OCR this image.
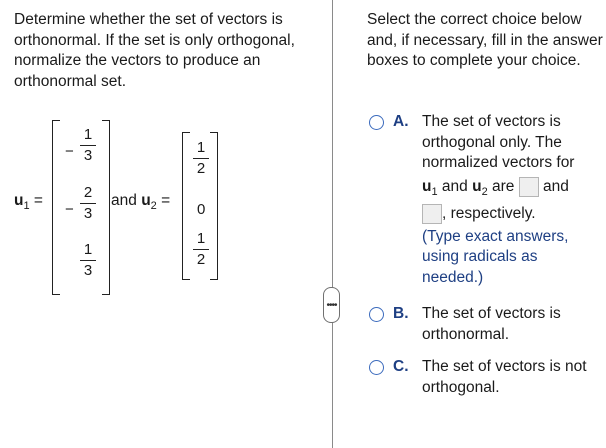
Determine whether the set of vectors is orthonormal. If the set is only orthogonal, normalize the vectors to produce an orthonormal set.

$u_1$ =
−
1
3
−
2
3
1
3
and $u_2$ =
1
2
0
1
2
••••

Select the correct choice below and, if necessary, fill in the answer boxes to complete your choice.

A. The set of vectors is orthogonal only. The normalized vectors for
$u_1$ and $u_2$ are and
, respectively.
(Type exact answers, using radicals as needed.)
B. The set of vectors is orthonormal.
C. The set of vectors is not orthogonal.
